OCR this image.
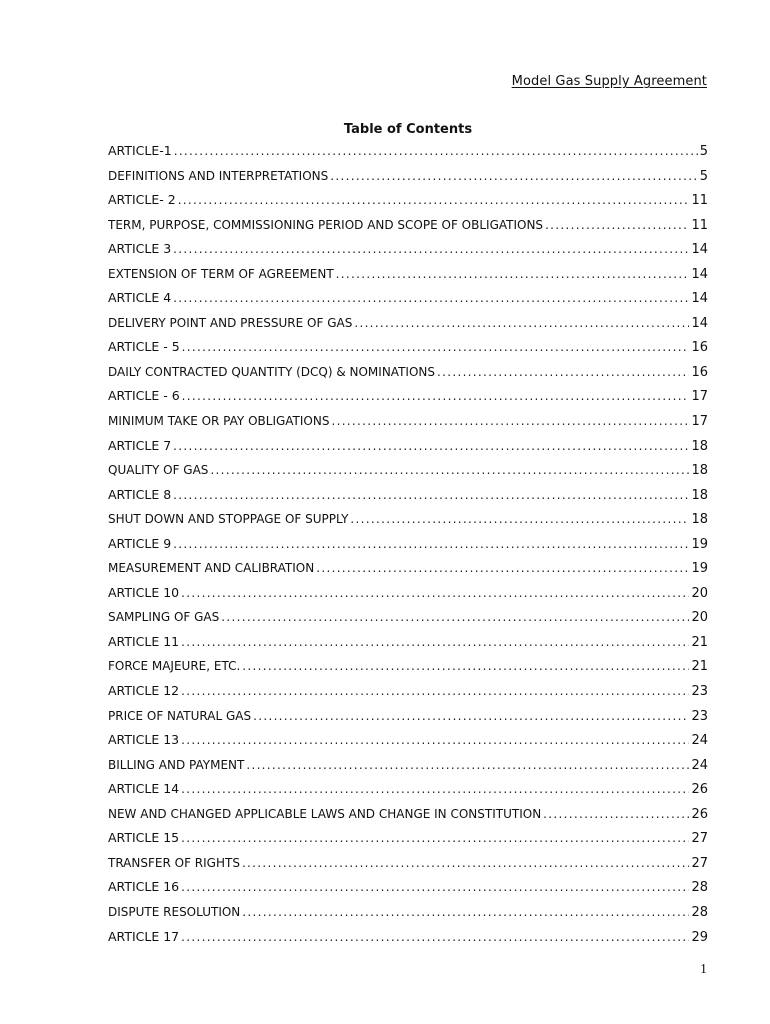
Model Gas Supply Agreement
Table of Contents
ARTICLE-1 .....	5
DEFINITIONS AND INTERPRETATIONS .....	5
ARTICLE- 2 .....	11
TERM, PURPOSE, COMMISSIONING PERIOD AND SCOPE OF OBLIGATIONS .....	11
ARTICLE 3 .....	14
EXTENSION OF TERM OF AGREEMENT .....	14
ARTICLE 4 .....	14
DELIVERY POINT AND PRESSURE OF GAS .....	14
ARTICLE - 5 .....	16
DAILY CONTRACTED QUANTITY (DCQ) & NOMINATIONS .....	16
ARTICLE - 6 .....	17
MINIMUM TAKE OR PAY OBLIGATIONS .....	17
ARTICLE 7 .....	18
QUALITY OF GAS .....	18
ARTICLE 8 .....	18
SHUT DOWN AND STOPPAGE OF SUPPLY .....	18
ARTICLE 9 .....	19
MEASUREMENT AND CALIBRATION .....	19
ARTICLE 10 .....	20
SAMPLING OF GAS .....	20
ARTICLE 11 .....	21
FORCE MAJEURE, ETC. .....	21
ARTICLE 12 .....	23
PRICE OF NATURAL GAS .....	23
ARTICLE 13 .....	24
BILLING AND PAYMENT .....	24
ARTICLE 14 .....	26
NEW AND CHANGED APPLICABLE LAWS AND CHANGE IN CONSTITUTION .....	26
ARTICLE 15 .....	27
TRANSFER OF RIGHTS .....	27
ARTICLE 16 .....	28
DISPUTE RESOLUTION .....	28
ARTICLE 17 .....	29
1
